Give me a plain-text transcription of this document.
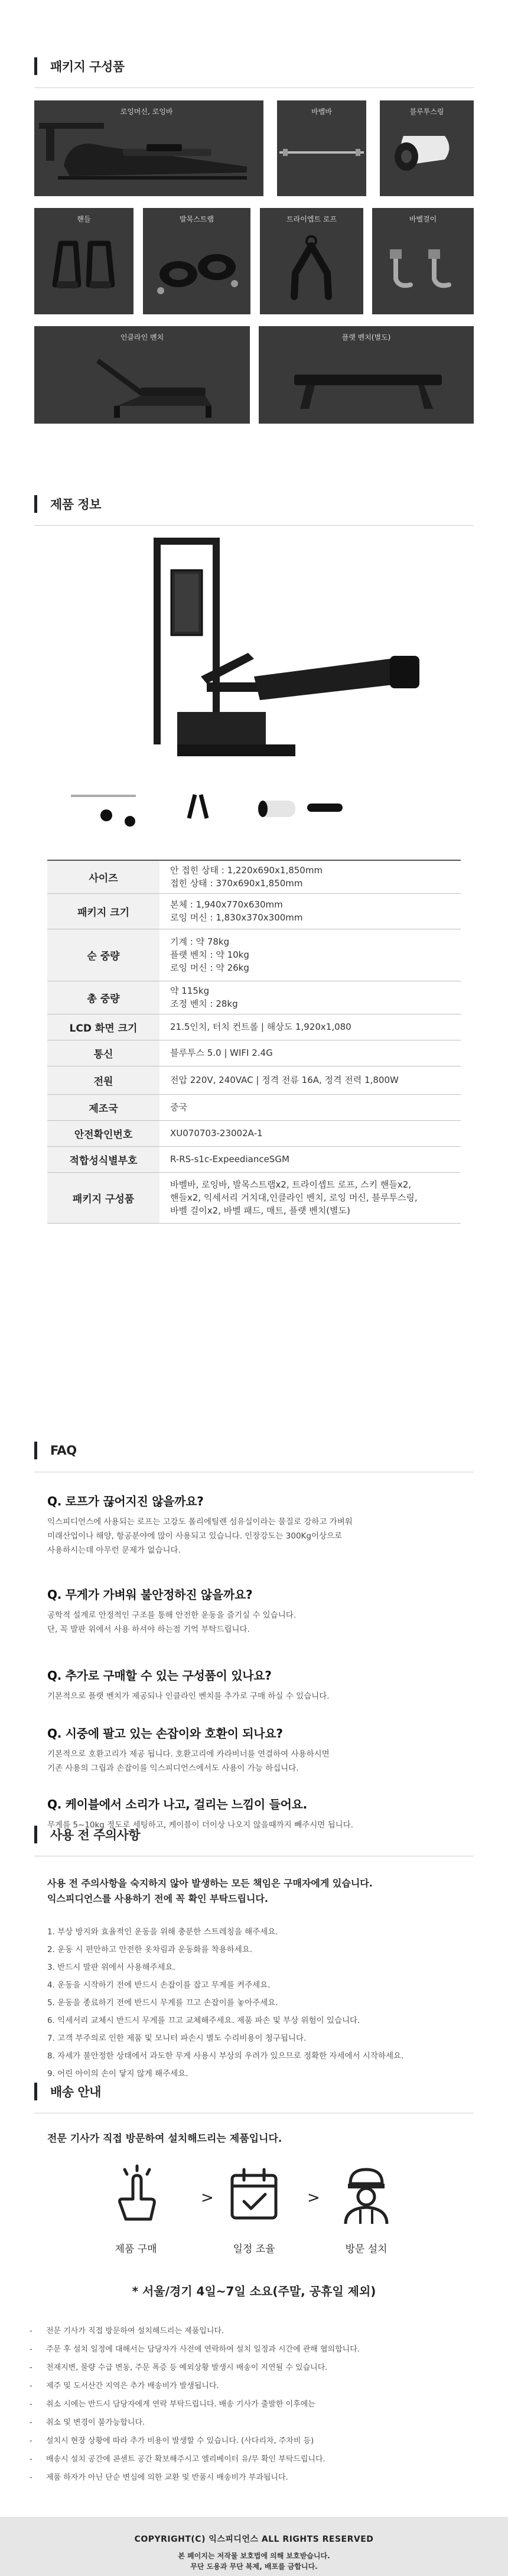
패키지 구성품
로잉머신, 로잉바	바벨바	블루투스링
핸들	발목스트랩	트라이엡트 로프	바벨걸이
인클라인 벤치	플랫 벤치(별도)
제품 정보
사이즈	안 접힌 상태 : 1,220x690x1,850mm
접힌 상태 : 370x690x1,850mm
패키지 크기	본체 : 1,940x770x630mm
로잉 머신 : 1,830x370x300mm
순 중량	기계 : 약 78kg
플랫 벤치 : 약 10kg
로잉 머신 : 약 26kg
총 중량	약 115kg
조정 벤치 : 28kg
LCD 화면 크기	21.5인치, 터치 컨트롤 | 해상도 1,920x1,080
통신	블루투스 5.0 | WIFI 2.4G
전원	전압 220V, 240VAC | 정격 전류 16A, 정격 전력 1,800W
제조국	중국
안전확인번호	XU070703-23002A-1
적합성식별부호	R-RS-s1c-ExpeedianceSGM
패키지 구성품	바벨바, 로잉바, 발목스트랩x2, 트라이셉트 로프, 스키 핸들x2,
핸들x2, 익세서리 거치대,인클라인 벤치, 로잉 머신, 블루투스링,
바벨 걸이x2, 바벨 패드, 매트, 플랫 벤치(별도)
FAQ
Q. 로프가 끊어지진 않을까요?
익스피디언스에 사용되는 로프는 고강도 폴리에틸렌 섬유실이라는 물질로 강하고 가벼워
미래산업이나 해양, 항공분야에 많이 사용되고 있습니다. 인장강도는 300Kg이상으로
사용하시는데 아무런 문제가 없습니다.
Q. 무게가 가벼워 불안정하진 않을까요?
공학적 설계로 안정적인 구조를 통해 안전한 운동을 즐기실 수 있습니다.
단, 꼭 발판 위에서 사용 하셔야 하는점 기억 부탁드립니다.
Q. 추가로 구매할 수 있는 구성품이 있나요?
기본적으로 플랫 벤치가 제공되나 인클라인 벤치를 추가로 구매 하실 수 있습니다.
Q. 시중에 팔고 있는 손잡이와 호환이 되나요?
기본적으로 호환고리가 제공 됩니다. 호환고리에 카라비너를 연결하여 사용하시면
기존 사용의 그립과 손잡이를 익스피디언스에서도 사용이 가능 하십니다.
Q. 케이블에서 소리가 나고, 걸리는 느낌이 들어요.
무게를 5~10kg 정도로 세팅하고, 케이블이 더이상 나오지 않을때까지 빼주시면 됩니다.
사용 전 주의사항
사용 전 주의사항을 숙지하지 않아 발생하는 모든 책임은 구매자에게 있습니다.
익스피디언스를 사용하기 전에 꼭 확인 부탁드립니다.
1. 부상 방지와 효율적인 운동을 위해 충분한 스트레칭을 해주세요.
2. 운동 시 편안하고 안전한 옷차림과 운동화를 착용하세요.
3. 반드시 발판 위에서 사용해주세요.
4. 운동을 시작하기 전에 반드시 손잡이를 잡고 무게를 켜주세요.
5. 운동을 종료하기 전에 반드시 무게를 끄고 손잡이를 놓아주세요.
6. 익세서리 교체시 반드시 무게를 끄고 교체해주세요. 제품 파손 및 부상 위험이 있습니다.
7. 고객 부주의로 인한 제품 및 모니터 파손시 별도 수리비용이 청구됩니다.
8. 자세가 불안정한 상태에서 과도한 무게 사용시 부상의 우려가 있으므로 정확한 자세에서 시작하세요.
9. 어린 아이의 손이 닿지 않게 해주세요.
배송 안내
전문 기사가 직접 방문하여 설치해드리는 제품입니다.
제품 구매
>
일정 조율
>
방문 설치
* 서울/경기 4일~7일 소요(주말, 공휴일 제외)
- 전문 기사가 직접 방문하여 설치해드리는 제품입니다.
- 주문 후 설치 일정에 대해서는 담당자가 사전에 연락하여 설치 일정과 시간에 관해 협의합니다.
- 천재지변, 물량 수급 변동, 주문 폭증 등 예외상황 발생시 배송이 지연될 수 있습니다.
- 제주 및 도서산간 지역은 추가 배송비가 발생됩니다.
- 취소 시에는 반드시 담당자에게 연락 부탁드립니다. 배송 기사가 출발한 이후에는
- 취소 및 변경이 불가능합니다.
- 설치시 현장 상황에 따라 추가 비용이 발생할 수 있습니다. (사다리차, 주차비 등)
- 배송시 설치 공간에 콘센트 공간 확보해주시고 엘리베이터 유/무 확인 부탁드립니다.
- 제품 하자가 아닌 단순 변심에 의한 교환 및 반품시 배송비가 부과됩니다.
COPYRIGHT(C) 익스피디언스 ALL RIGHTS RESERVED
본 페이지는 저작물 보호법에 의해 보호받습니다.
무단 도용과 무단 복제, 배포를 금합니다.
